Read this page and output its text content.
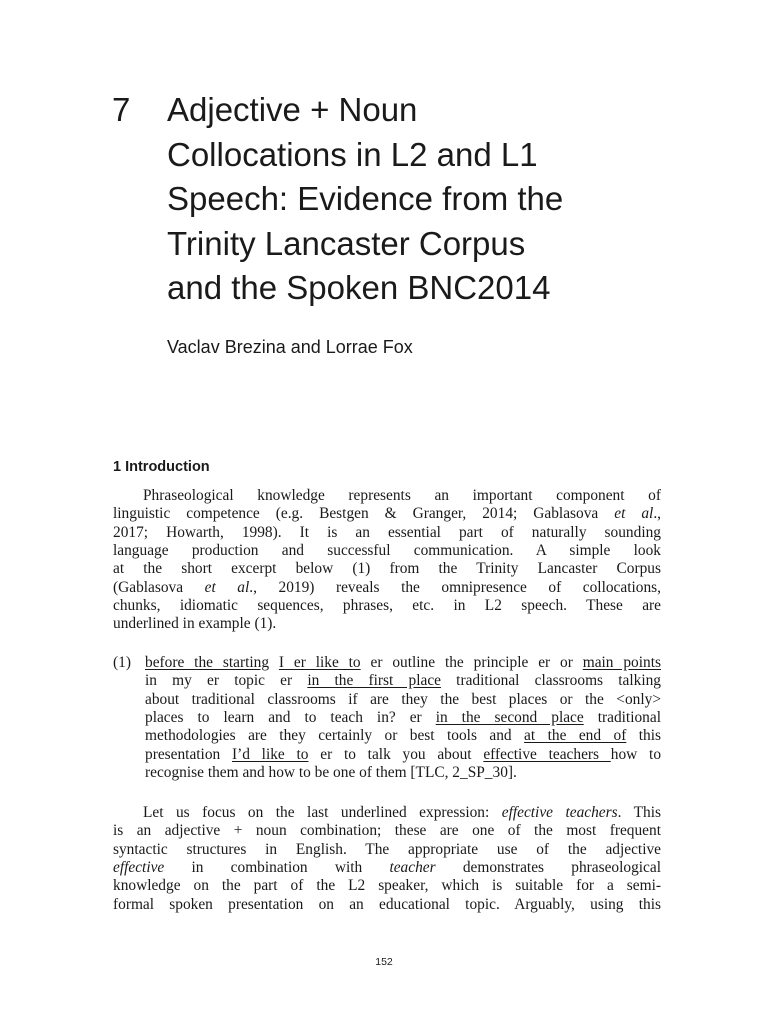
7 Adjective + Noun
Collocations in L2 and L1
Speech: Evidence from the
Trinity Lancaster Corpus
and the Spoken BNC2014
Vaclav Brezina and Lorrae Fox
1 Introduction
Phraseological knowledge represents an important component of
linguistic competence (e.g. Bestgen & Granger, 2014; Gablasova et al.,
2017; Howarth, 1998). It is an essential part of naturally sounding
language production and successful communication. A simple look
at the short excerpt below (1) from the Trinity Lancaster Corpus
(Gablasova et al., 2019) reveals the omnipresence of collocations,
chunks, idiomatic sequences, phrases, etc. in L2 speech. These are
underlined in example (1).
(1) before the starting I er like to er outline the principle er or main points
in my er topic er in the first place traditional classrooms talking
about traditional classrooms if are they the best places or the <only>
places to learn and to teach in? er in the second place traditional
methodologies are they certainly or best tools and at the end of this
presentation I’d like to er to talk you about effective teachers how to
recognise them and how to be one of them [TLC, 2_SP_30].
Let us focus on the last underlined expression: effective teachers. This
is an adjective + noun combination; these are one of the most frequent
syntactic structures in English. The appropriate use of the adjective
effective in combination with teacher demonstrates phraseological
knowledge on the part of the L2 speaker, which is suitable for a semi-
formal spoken presentation on an educational topic. Arguably, using this
152
